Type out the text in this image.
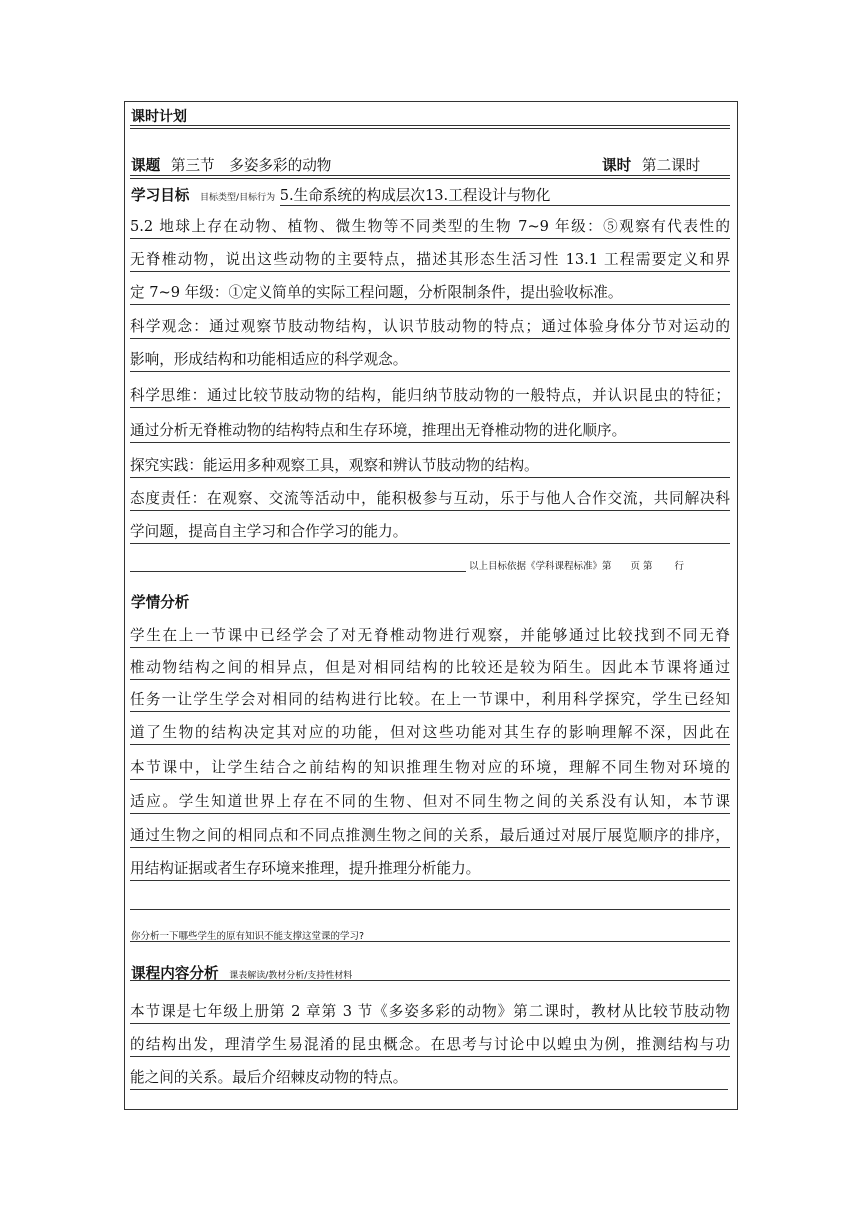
课时计划
课题 第三节　多姿多彩的动物	课时 第二课时
学习目标 目标类型/目标行为 5.生命系统的构成层次13.工程设计与物化
5.2 地球上存在动物、植物、微生物等不同类型的生物 7~9 年级：⑤观察有代表性的
无脊椎动物，说出这些动物的主要特点，描述其形态生活习性 13.1 工程需要定义和界
定 7~9 年级：①定义简单的实际工程问题，分析限制条件，提出验收标准。
科学观念：通过观察节肢动物结构，认识节肢动物的特点；通过体验身体分节对运动的
影响，形成结构和功能相适应的科学观念。
科学思维：通过比较节肢动物的结构，能归纳节肢动物的一般特点，并认识昆虫的特征；
通过分析无脊椎动物的结构特点和生存环境，推理出无脊椎动物的进化顺序。
探究实践：能运用多种观察工具，观察和辨认节肢动物的结构。
态度责任：在观察、交流等活动中，能积极参与互动，乐于与他人合作交流，共同解决科
学问题，提高自主学习和合作学习的能力。
以上目标依据《学科课程标准》第　　页 第　　 行
学情分析
学生在上一节课中已经学会了对无脊椎动物进行观察，并能够通过比较找到不同无脊
椎动物结构之间的相异点，但是对相同结构的比较还是较为陌生。因此本节课将通过
任务一让学生学会对相同的结构进行比较。在上一节课中，利用科学探究，学生已经知
道了生物的结构决定其对应的功能，但对这些功能对其生存的影响理解不深，因此在
本节课中，让学生结合之前结构的知识推理生物对应的环境，理解不同生物对环境的
适应。学生知道世界上存在不同的生物、但对不同生物之间的关系没有认知，本节课
通过生物之间的相同点和不同点推测生物之间的关系，最后通过对展厅展览顺序的排序，
用结构证据或者生存环境来推理，提升推理分析能力。
你分析一下哪些学生的原有知识不能支撑这堂课的学习?
课程内容分析 课表解读/教材分析/支持性材料
本节课是七年级上册第 2 章第 3 节《多姿多彩的动物》第二课时，教材从比较节肢动物
的结构出发，理清学生易混淆的昆虫概念。在思考与讨论中以蝗虫为例，推测结构与功
能之间的关系。最后介绍棘皮动物的特点。
